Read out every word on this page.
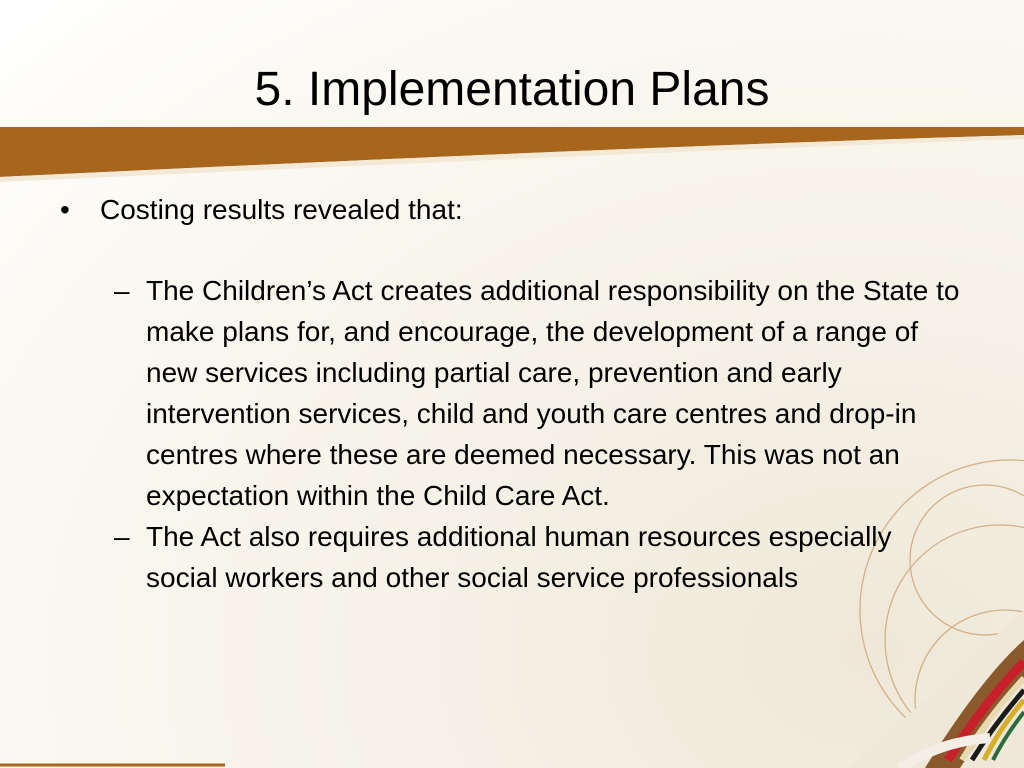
5. Implementation Plans
• Costing results revealed that:
– The Children’s Act creates additional responsibility on the State to make plans for, and encourage, the development of a range of new services including partial care, prevention and early intervention services, child and youth care centres and drop-in centres where these are deemed necessary. This was not an expectation within the Child Care Act.
– The Act also requires additional human resources especially social workers and other social service professionals
